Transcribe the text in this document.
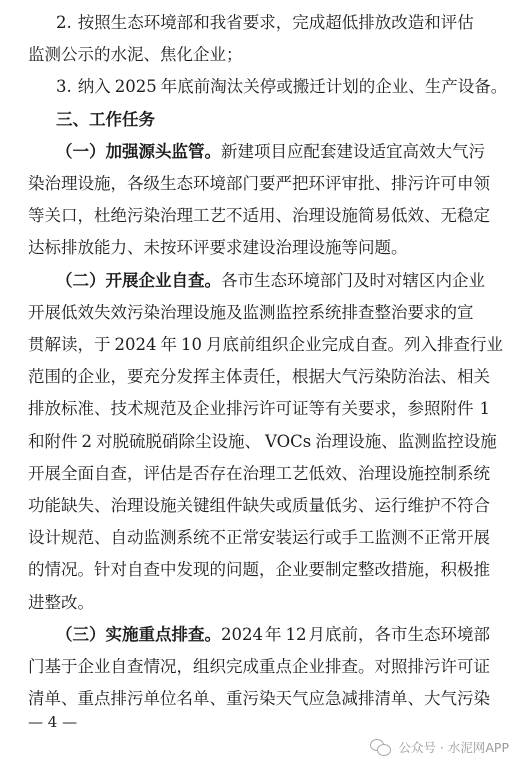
2. 按照生态环境部和我省要求，完成超低排放改造和评估
监测公示的水泥、焦化企业；
3. 纳入 2025 年底前淘汰关停或搬迁计划的企业、生产设备。
三、工作任务
（一）加强源头监管。新建项目应配套建设适宜高效大气污
染治理设施，各级生态环境部门要严把环评审批、排污许可申领
等关口，杜绝污染治理工艺不适用、治理设施简易低效、无稳定
达标排放能力、未按环评要求建设治理设施等问题。
（二）开展企业自查。各市生态环境部门及时对辖区内企业
开展低效失效污染治理设施及监测监控系统排查整治要求的宣
贯解读，于 2024 年 10 月底前组织企业完成自查。列入排查行业
范围的企业，要充分发挥主体责任，根据大气污染防治法、相关
排放标准、技术规范及企业排污许可证等有关要求，参照附件 1
和附件 2 对脱硫脱硝除尘设施、 VOCs 治理设施、监测监控设施
开展全面自查，评估是否存在治理工艺低效、治理设施控制系统
功能缺失、治理设施关键组件缺失或质量低劣、运行维护不符合
设计规范、自动监测系统不正常安装运行或手工监测不正常开展
的情况。针对自查中发现的问题，企业要制定整改措施，积极推
进整改。
— 4 —
公众号 · 水泥网APP
（三）实施重点排查。2024 年 12 月底前，各市生态环境部
门基于企业自查情况，组织完成重点企业排查。对照排污许可证
清单、重点排污单位名单、重污染天气应急减排清单、大气污染
